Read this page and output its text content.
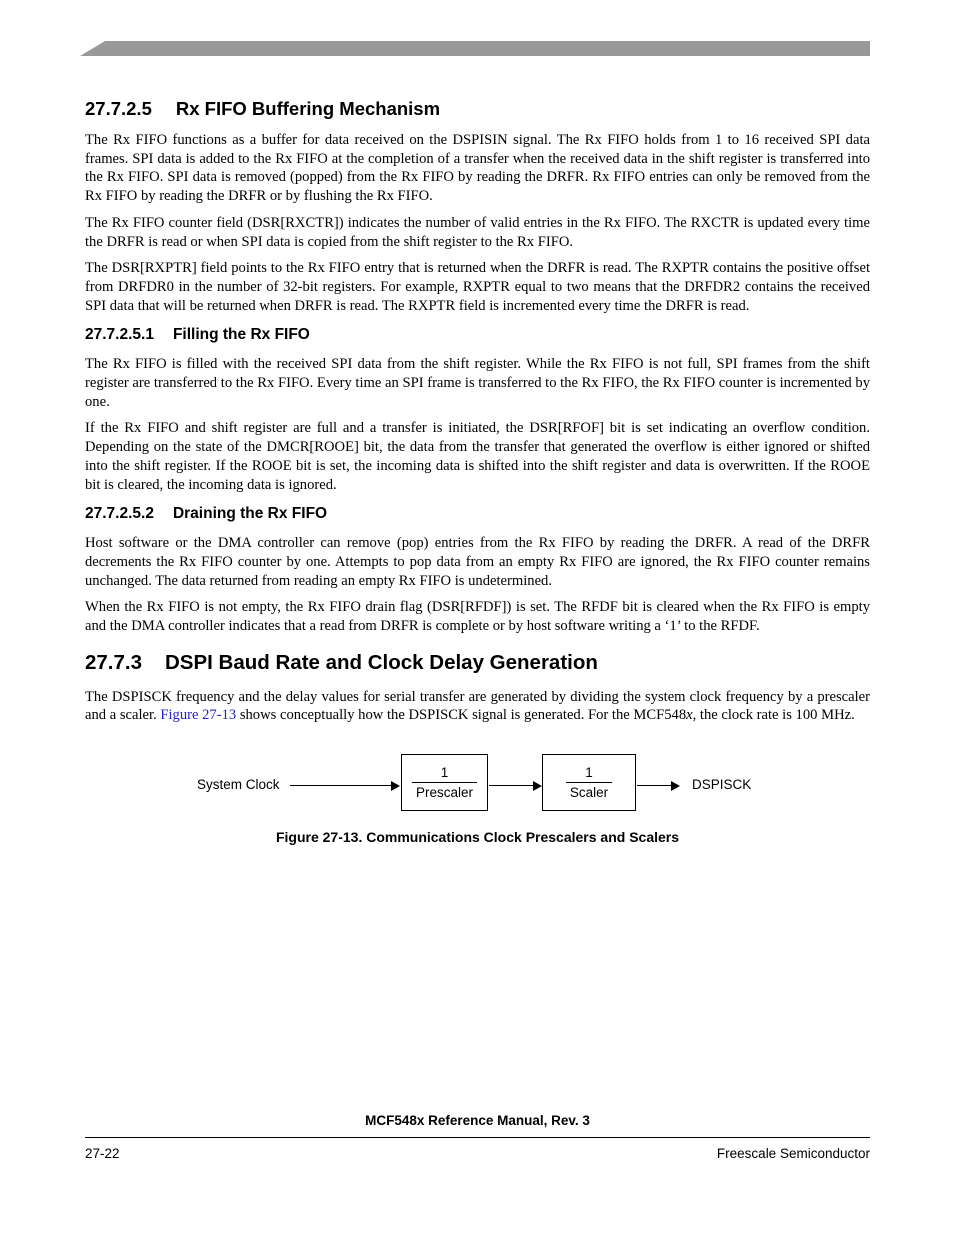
27.7.2.5 Rx FIFO Buffering Mechanism

The Rx FIFO functions as a buffer for data received on the DSPISIN signal. The Rx FIFO holds from 1 to 16 received SPI data frames. SPI data is added to the Rx FIFO at the completion of a transfer when the received data in the shift register is transferred into the Rx FIFO. SPI data is removed (popped) from the Rx FIFO by reading the DRFR. Rx FIFO entries can only be removed from the Rx FIFO by reading the DRFR or by flushing the Rx FIFO.

The Rx FIFO counter field (DSR[RXCTR]) indicates the number of valid entries in the Rx FIFO. The RXCTR is updated every time the DRFR is read or when SPI data is copied from the shift register to the Rx FIFO.

The DSR[RXPTR] field points to the Rx FIFO entry that is returned when the DRFR is read. The RXPTR contains the positive offset from DRFDR0 in the number of 32-bit registers. For example, RXPTR equal to two means that the DRFDR2 contains the received SPI data that will be returned when DRFR is read. The RXPTR field is incremented every time the DRFR is read.

27.7.2.5.1 Filling the Rx FIFO

The Rx FIFO is filled with the received SPI data from the shift register. While the Rx FIFO is not full, SPI frames from the shift register are transferred to the Rx FIFO. Every time an SPI frame is transferred to the Rx FIFO, the Rx FIFO counter is incremented by one.

If the Rx FIFO and shift register are full and a transfer is initiated, the DSR[RFOF] bit is set indicating an overflow condition. Depending on the state of the DMCR[ROOE] bit, the data from the transfer that generated the overflow is either ignored or shifted into the shift register. If the ROOE bit is set, the incoming data is shifted into the shift register and data is overwritten. If the ROOE bit is cleared, the incoming data is ignored.

27.7.2.5.2 Draining the Rx FIFO

Host software or the DMA controller can remove (pop) entries from the Rx FIFO by reading the DRFR. A read of the DRFR decrements the Rx FIFO counter by one. Attempts to pop data from an empty Rx FIFO are ignored, the Rx FIFO counter remains unchanged. The data returned from reading an empty Rx FIFO is undetermined.

When the Rx FIFO is not empty, the Rx FIFO drain flag (DSR[RFDF]) is set. The RFDF bit is cleared when the Rx FIFO is empty and the DMA controller indicates that a read from DRFR is complete or by host software writing a ‘1’ to the RFDF.

27.7.3 DSPI Baud Rate and Clock Delay Generation

The DSPISCK frequency and the delay values for serial transfer are generated by dividing the system clock frequency by a prescaler and a scaler. Figure 27-13 shows conceptually how the DSPISCK signal is generated. For the MCF548x, the clock rate is 100 MHz.

System Clock	$\frac{1}{\text{Prescaler}}$	$\frac{1}{\text{Scaler}}$	DSPISCK
Figure 27-13. Communications Clock Prescalers and Scalers
MCF548x Reference Manual, Rev. 3
27-22	Freescale Semiconductor
